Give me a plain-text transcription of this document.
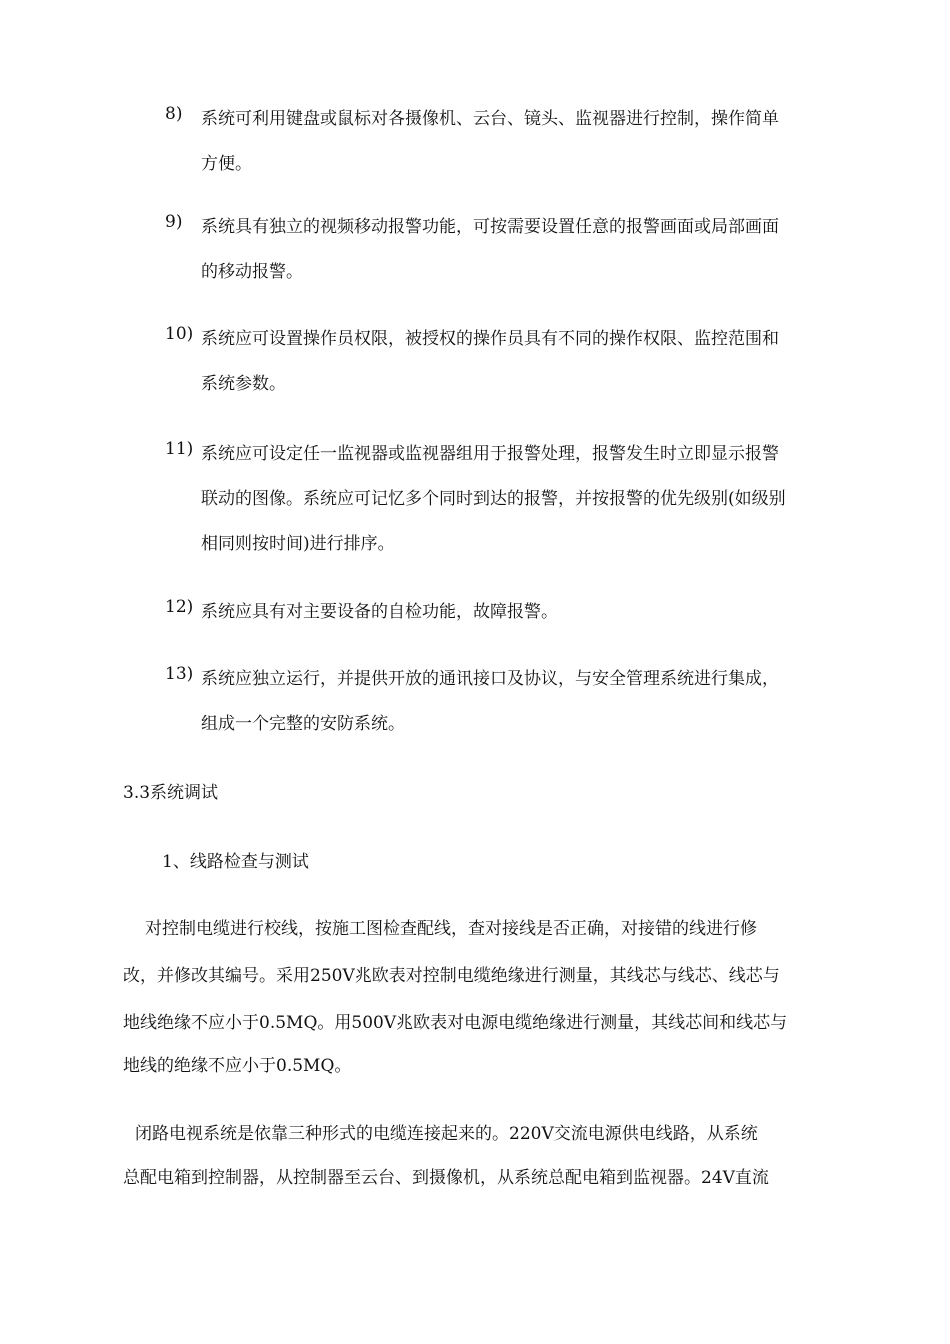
8) 系统可利用键盘或鼠标对各摄像机、云台、镜头、监视器进行控制，操作简单
方便。
9) 系统具有独立的视频移动报警功能，可按需要设置任意的报警画面或局部画面
的移动报警。
10) 系统应可设置操作员权限，被授权的操作员具有不同的操作权限、监控范围和
系统参数。
11) 系统应可设定任一监视器或监视器组用于报警处理，报警发生时立即显示报警
联动的图像。系统应可记忆多个同时到达的报警，并按报警的优先级别(如级别
相同则按时间)进行排序。
12) 系统应具有对主要设备的自检功能，故障报警。
13) 系统应独立运行，并提供开放的通讯接口及协议，与安全管理系统进行集成，
组成一个完整的安防系统。
3.3系统调试
1、线路检查与测试
对控制电缆进行校线，按施工图检查配线，查对接线是否正确，对接错的线进行修
改，并修改其编号。采用250V兆欧表对控制电缆绝缘进行测量，其线芯与线芯、线芯与
地线绝缘不应小于0.5MQ。用500V兆欧表对电源电缆绝缘进行测量，其线芯间和线芯与
地线的绝缘不应小于0.5MQ。
闭路电视系统是依靠三种形式的电缆连接起来的。220V交流电源供电线路，从系统
总配电箱到控制器，从控制器至云台、到摄像机，从系统总配电箱到监视器。24V直流
